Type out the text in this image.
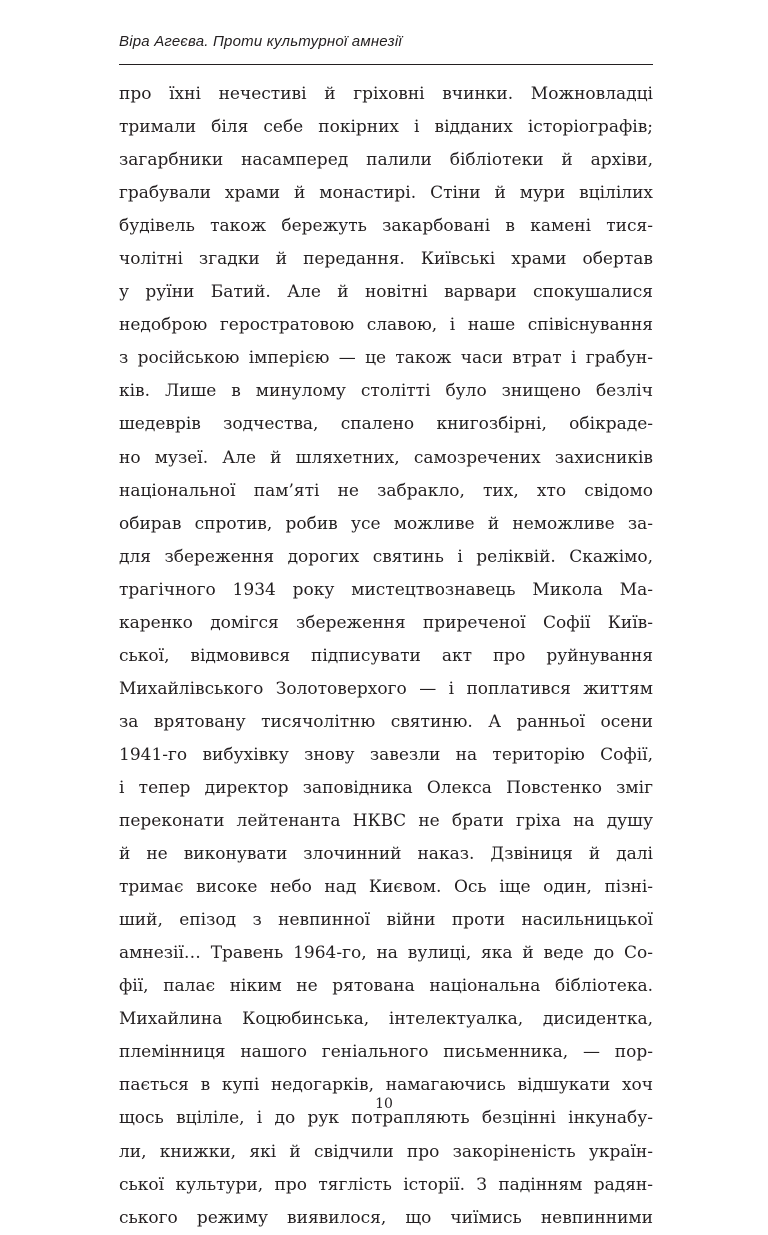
Віра Агеєва. Проти культурної амнезії
про їхні нечестиві й гріховні вчинки. Можновладці
тримали біля себе покірних і відданих історіографів;
загарбники насамперед палили бібліотеки й архіви,
грабували храми й монастирі. Стіни й мури вцілілих
будівель також бережуть закарбовані в камені тися-
чолітні згадки й передання. Київські храми обертав
у руїни Батий. Але й новітні варвари спокушалися
недоброю геростратовою славою, і наше співіснування
з російською імперією — це також часи втрат і грабун-
ків. Лише в минулому столітті було знищено безліч
шедеврів зодчества, спалено книгозбірні, обікраде-
но музеї. Але й шляхетних, самозречених захисників
національної пам’яті не забракло, тих, хто свідомо
обирав спротив, робив усе можливе й неможливе за-
для збереження дорогих святинь і реліквій. Скажімо,
трагічного 1934 року мистецтвознавець Микола Ма-
каренко домігся збереження приреченої Софії Київ-
ської, відмовився підписувати акт про руйнування
Михайлівського Золотоверхого — і поплатився життям
за врятовану тисячолітню святиню. А ранньої осени
1941-го вибухівку знову завезли на територію Софії,
і тепер директор заповідника Олекса Повстенко зміг
переконати лейтенанта НКВС не брати гріха на душу
й не виконувати злочинний наказ. Дзвіниця й далі
тримає високе небо над Києвом. Ось іще один, пізні-
ший, епізод з невпинної війни проти насильницької
амнезії… Травень 1964-го, на вулиці, яка й веде до Со-
фії, палає ніким не рятована національна бібліотека.
Михайлина Коцюбинська, інтелектуалка, дисидентка,
племінниця нашого геніального письменника, — пор-
пається в купі недогарків, намагаючись відшукати хоч
щось вціліле, і до рук потрапляють безцінні інкунабу-
ли, книжки, які й свідчили про закоріненість україн-
ської культури, про тяглість історії. З падінням радян-
ського режиму виявилося, що чиїмись невпинними
10
